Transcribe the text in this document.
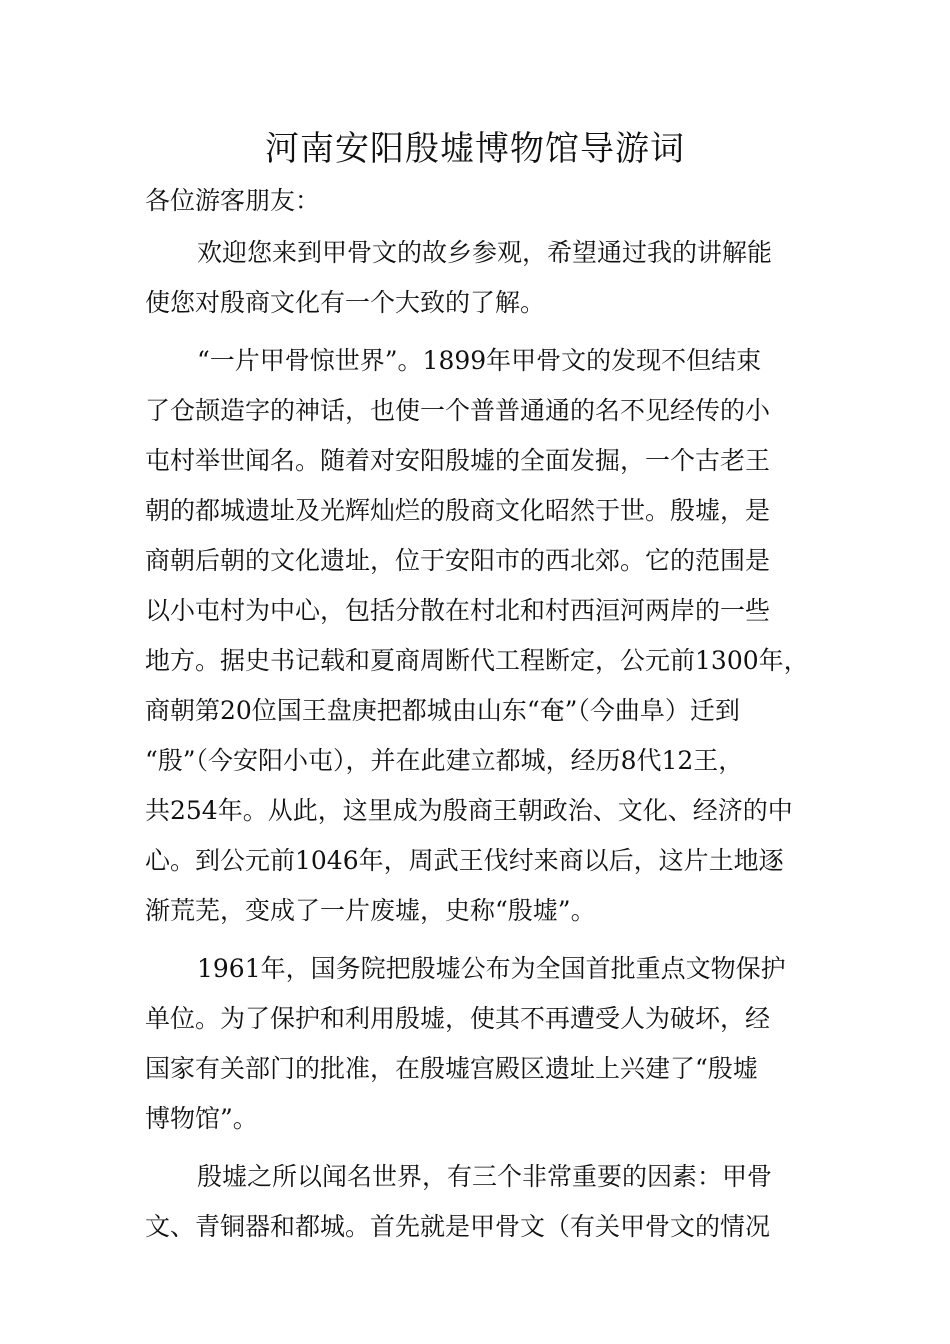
河南安阳殷墟博物馆导游词

各位游客朋友：

欢迎您来到甲骨文的故乡参观，希望通过我的讲解能
使您对殷商文化有一个大致的了解。
“一片甲骨惊世界”。1899年甲骨文的发现不但结束
了仓颉造字的神话，也使一个普普通通的名不见经传的小
屯村举世闻名。随着对安阳殷墟的全面发掘，一个古老王
朝的都城遗址及光辉灿烂的殷商文化昭然于世。殷墟，是
商朝后朝的文化遗址，位于安阳市的西北郊。它的范围是
以小屯村为中心，包括分散在村北和村西洹河两岸的一些
地方。据史书记载和夏商周断代工程断定，公元前1300年，
商朝第20位国王盘庚把都城由山东“奄”（今曲阜）迁到
“殷”（今安阳小屯），并在此建立都城，经历8代12王，
共254年。从此，这里成为殷商王朝政治、文化、经济的中
心。到公元前1046年，周武王伐纣来商以后，这片土地逐
渐荒芜，变成了一片废墟，史称“殷墟”。
1961年，国务院把殷墟公布为全国首批重点文物保护
单位。为了保护和利用殷墟，使其不再遭受人为破坏，经
国家有关部门的批准，在殷墟宫殿区遗址上兴建了“殷墟
博物馆”。
殷墟之所以闻名世界，有三个非常重要的因素：甲骨
文、青铜器和都城。首先就是甲骨文（有关甲骨文的情况
